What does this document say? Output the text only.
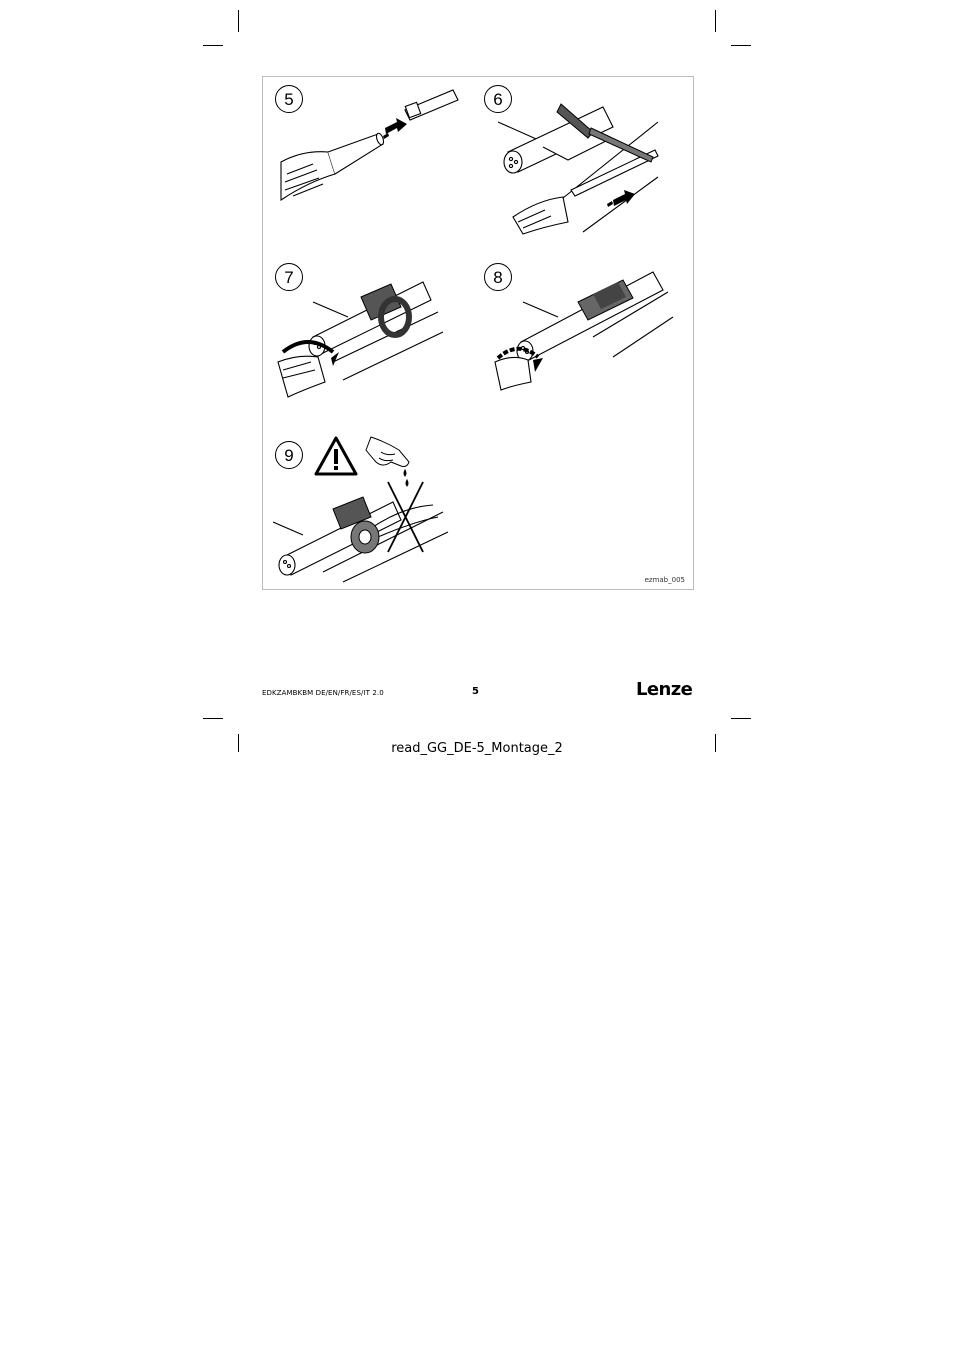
5	6
7	8
9
ezmab_005
EDKZAMBKBM DE/EN/FR/ES/IT 2.0	5	Lenze
read_GG_DE-5_Montage_2
